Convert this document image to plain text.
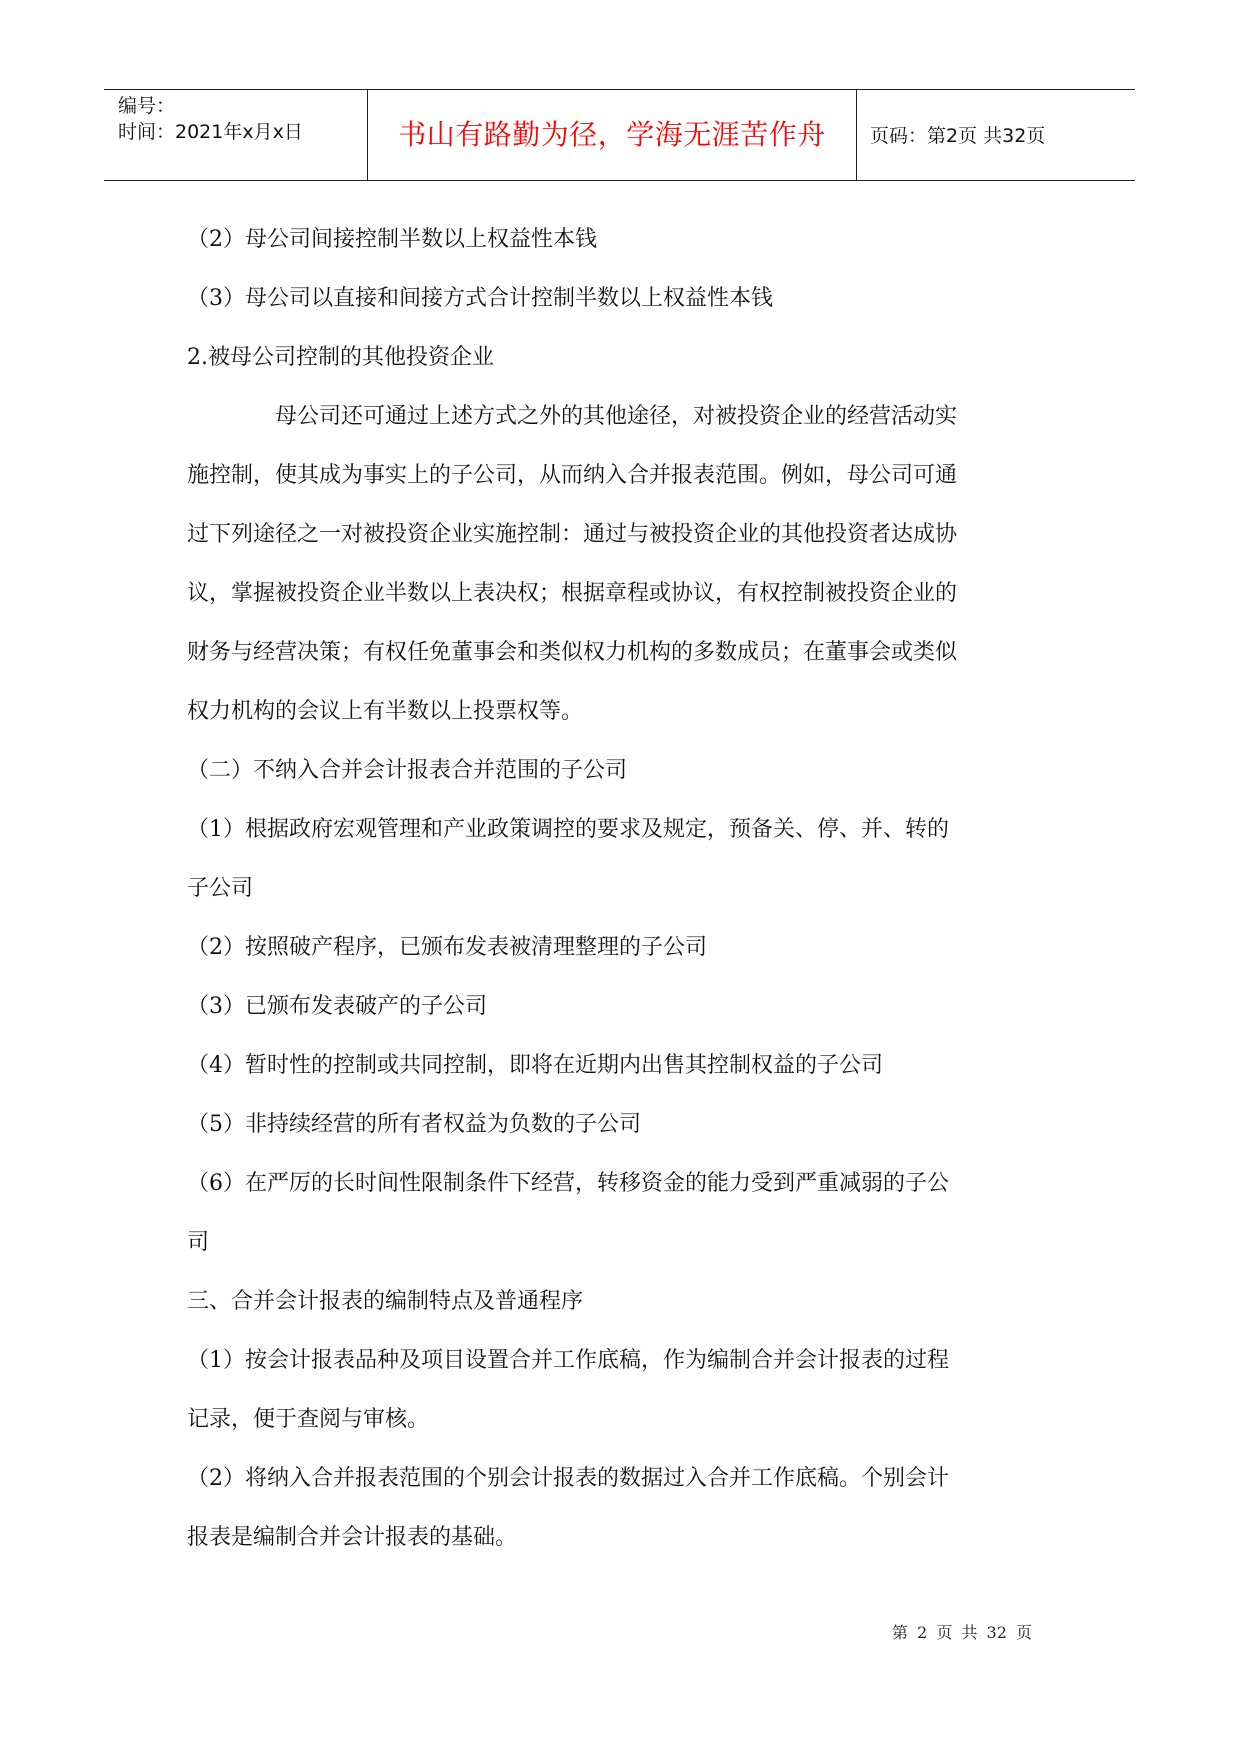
编号：
时间：2021年x月x日	书山有路勤为径，学海无涯苦作舟	页码：第2页 共32页

（2）母公司间接控制半数以上权益性本钱

（3）母公司以直接和间接方式合计控制半数以上权益性本钱

2.被母公司控制的其他投资企业

母公司还可通过上述方式之外的其他途径，对被投资企业的经营活动实

施控制，使其成为事实上的子公司，从而纳入合并报表范围。例如，母公司可通

过下列途径之一对被投资企业实施控制：通过与被投资企业的其他投资者达成协

议，掌握被投资企业半数以上表决权；根据章程或协议，有权控制被投资企业的

财务与经营决策；有权任免董事会和类似权力机构的多数成员；在董事会或类似

权力机构的会议上有半数以上投票权等。

（二）不纳入合并会计报表合并范围的子公司

（1）根据政府宏观管理和产业政策调控的要求及规定，预备关、停、并、转的

子公司

（2）按照破产程序，已颁布发表被清理整理的子公司

（3）已颁布发表破产的子公司

（4）暂时性的控制或共同控制，即将在近期内出售其控制权益的子公司

（5）非持续经营的所有者权益为负数的子公司

（6）在严厉的长时间性限制条件下经营，转移资金的能力受到严重减弱的子公

司

三、合并会计报表的编制特点及普通程序

（1）按会计报表品种及项目设置合并工作底稿，作为编制合并会计报表的过程

记录，便于查阅与审核。

（2）将纳入合并报表范围的个别会计报表的数据过入合并工作底稿。个别会计

报表是编制合并会计报表的基础。

第 2 页 共 32 页
